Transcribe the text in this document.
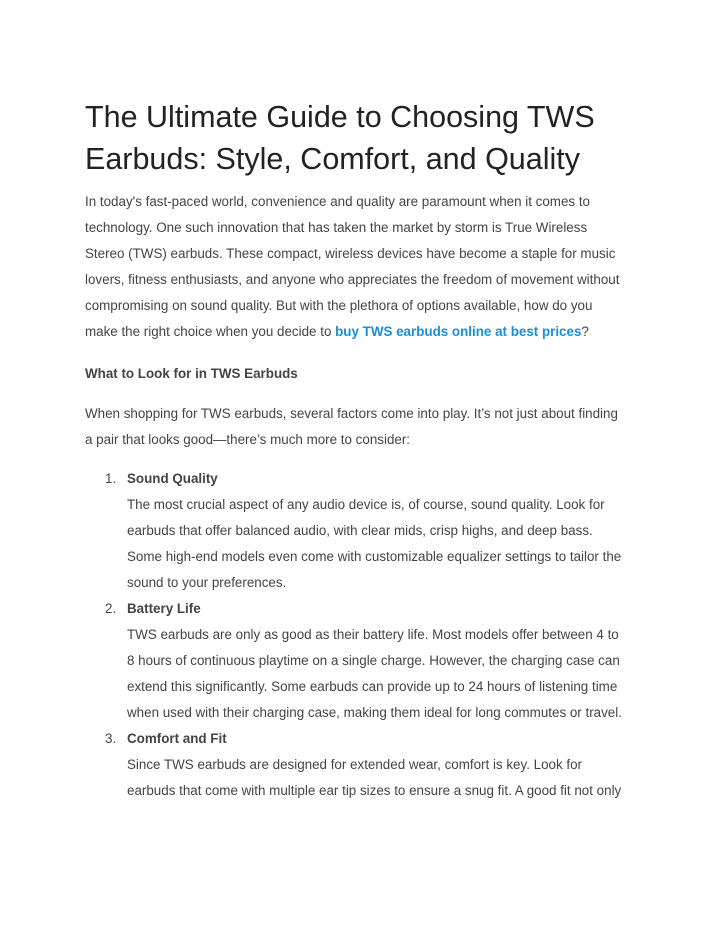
The Ultimate Guide to Choosing TWS
Earbuds: Style, Comfort, and Quality

In today's fast-paced world, convenience and quality are paramount when it comes to
technology. One such innovation that has taken the market by storm is True Wireless
Stereo (TWS) earbuds. These compact, wireless devices have become a staple for music
lovers, fitness enthusiasts, and anyone who appreciates the freedom of movement without
compromising on sound quality. But with the plethora of options available, how do you
make the right choice when you decide to buy TWS earbuds online at best prices?

What to Look for in TWS Earbuds

When shopping for TWS earbuds, several factors come into play. It’s not just about finding
a pair that looks good—there’s much more to consider:

1. Sound Quality
The most crucial aspect of any audio device is, of course, sound quality. Look for
earbuds that offer balanced audio, with clear mids, crisp highs, and deep bass.
Some high-end models even come with customizable equalizer settings to tailor the
sound to your preferences.
2. Battery Life
TWS earbuds are only as good as their battery life. Most models offer between 4 to
8 hours of continuous playtime on a single charge. However, the charging case can
extend this significantly. Some earbuds can provide up to 24 hours of listening time
when used with their charging case, making them ideal for long commutes or travel.
3. Comfort and Fit
Since TWS earbuds are designed for extended wear, comfort is key. Look for
earbuds that come with multiple ear tip sizes to ensure a snug fit. A good fit not only
